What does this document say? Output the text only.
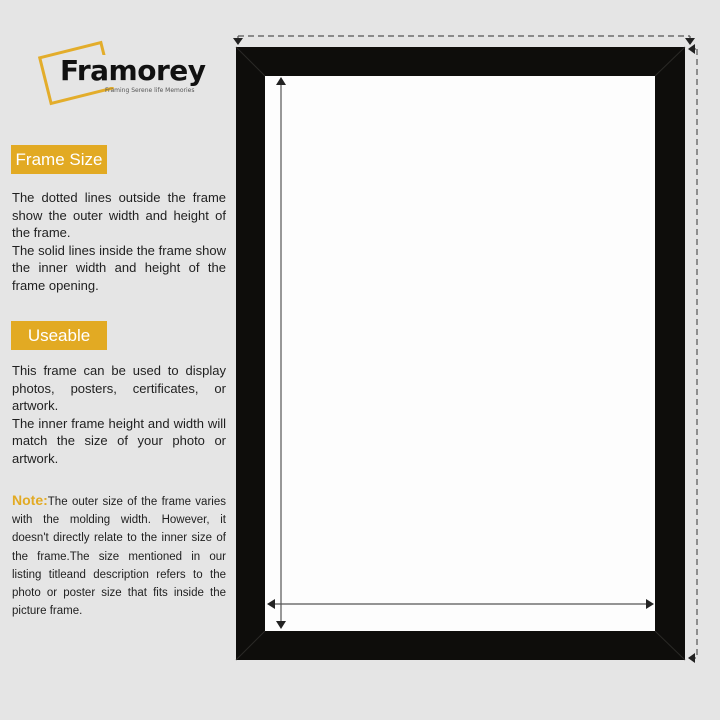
Framorey
Framing Serene life Memories
Frame Size
The dotted lines outside the frame show the outer width and height of the frame.
The solid lines inside the frame show the inner width and height of the frame opening.
Useable
This frame can be used to display photos, posters, certificates, or artwork.
The inner frame height and width will match the size of your photo or artwork.
Note:The outer size of the frame varies with the molding width. However, it doesn't directly relate to the inner size of the frame.The size mentioned in our listing titleand description refers to the photo or poster size that fits inside the picture frame.
